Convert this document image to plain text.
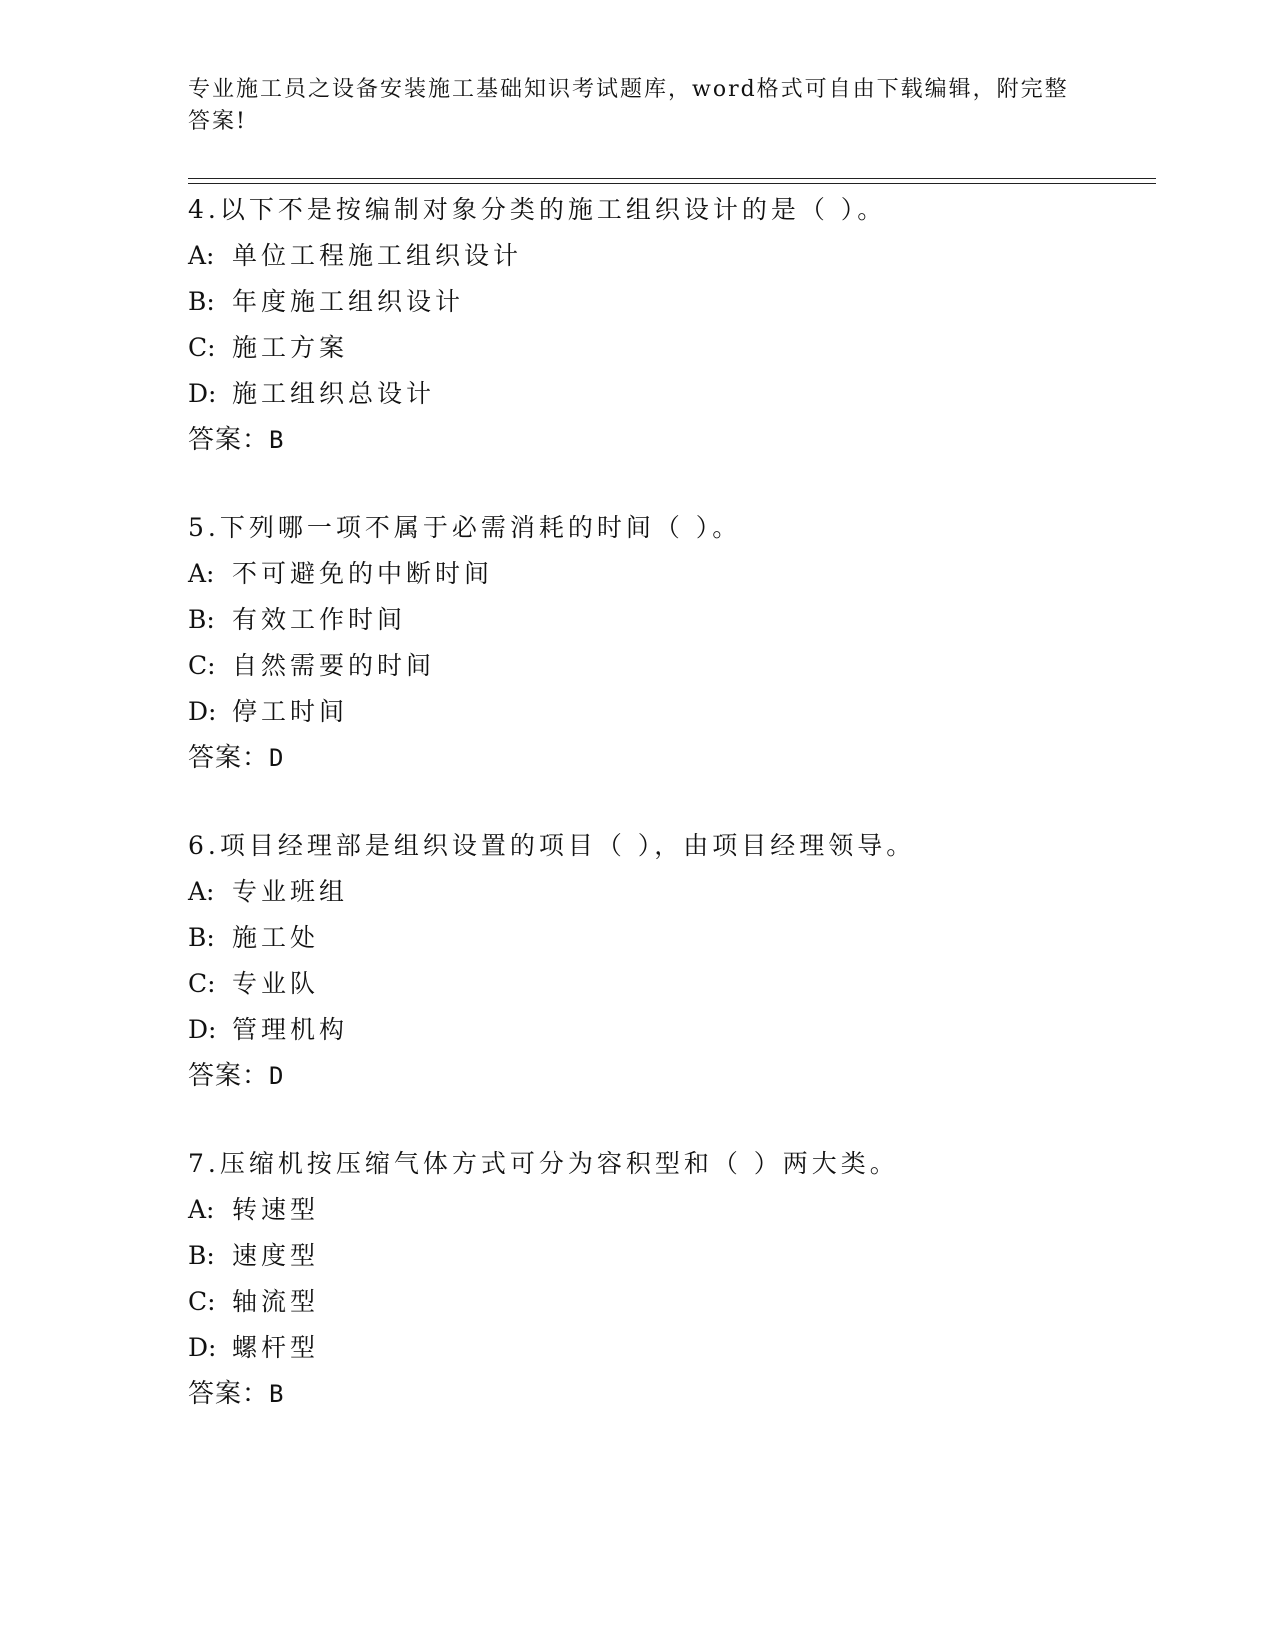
专业施工员之设备安装施工基础知识考试题库，word格式可自由下载编辑，附完整答案!
4.以下不是按编制对象分类的施工组织设计的是（ ）。
A: 单位工程施工组织设计
B: 年度施工组织设计
C: 施工方案
D: 施工组织总设计
答案：B
5.下列哪一项不属于必需消耗的时间（ ）。
A: 不可避免的中断时间
B: 有效工作时间
C: 自然需要的时间
D: 停工时间
答案：D
6.项目经理部是组织设置的项目（ ），由项目经理领导。
A: 专业班组
B: 施工处
C: 专业队
D: 管理机构
答案：D
7.压缩机按压缩气体方式可分为容积型和（ ）两大类。
A: 转速型
B: 速度型
C: 轴流型
D: 螺杆型
答案：B
